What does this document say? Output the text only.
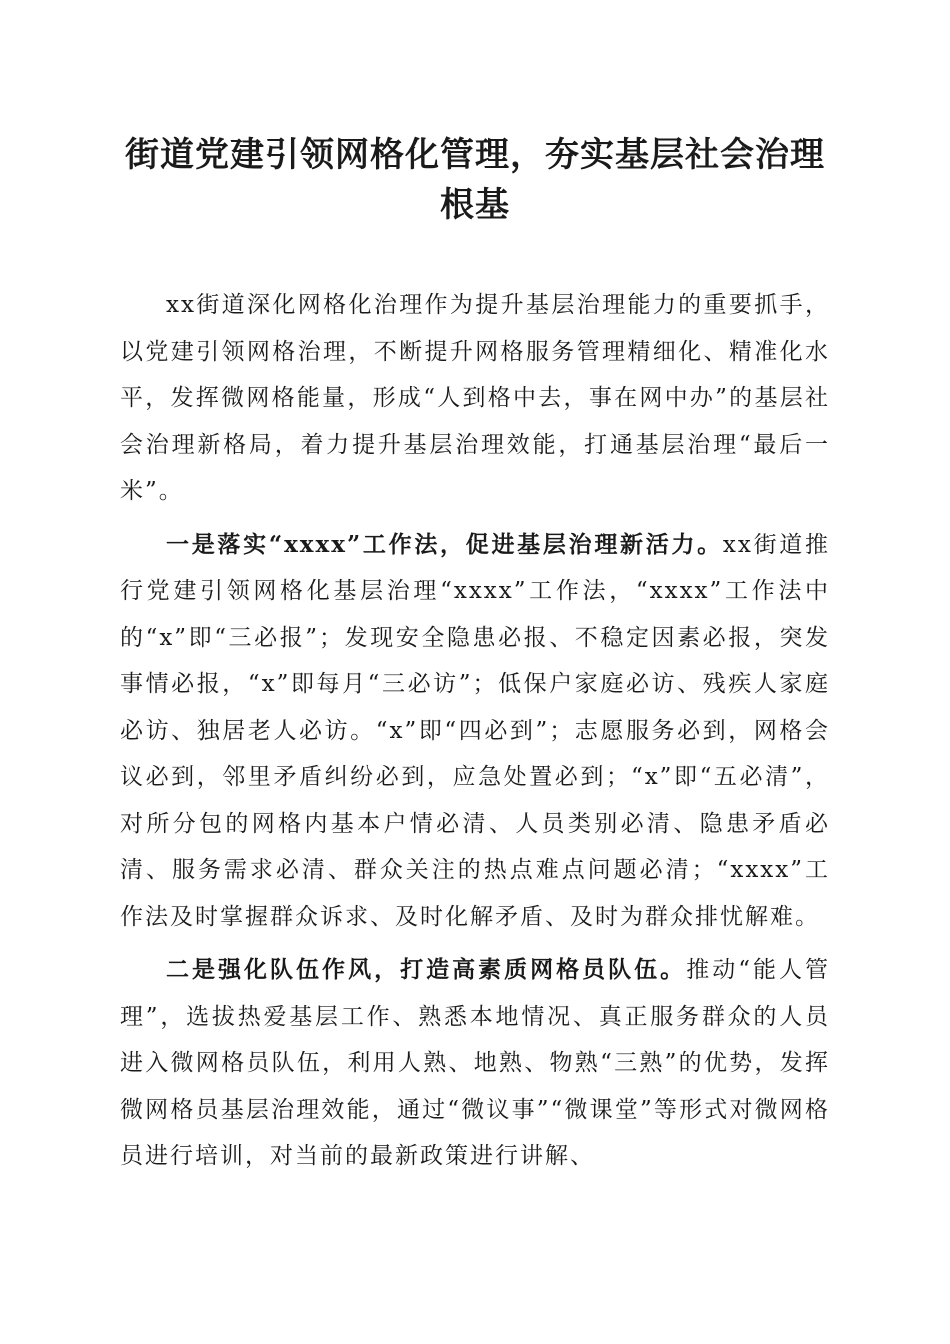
街道党建引领网格化管理，夯实基层社会治理根基

xx街道深化网格化治理作为提升基层治理能力的重要抓手，以党建引领网格治理，不断提升网格服务管理精细化、精准化水平，发挥微网格能量，形成“人到格中去，事在网中办”的基层社会治理新格局，着力提升基层治理效能，打通基层治理“最后一米”。

一是落实“xxxx”工作法，促进基层治理新活力。xx街道推行党建引领网格化基层治理“xxxx”工作法，“xxxx”工作法中的“x”即“三必报”；发现安全隐患必报、不稳定因素必报，突发事情必报，“x”即每月“三必访”；低保户家庭必访、残疾人家庭必访、独居老人必访。“x”即“四必到”；志愿服务必到，网格会议必到，邻里矛盾纠纷必到，应急处置必到；“x”即“五必清”，对所分包的网格内基本户情必清、人员类别必清、隐患矛盾必清、服务需求必清、群众关注的热点难点问题必清；“xxxx”工作法及时掌握群众诉求、及时化解矛盾、及时为群众排忧解难。

二是强化队伍作风，打造高素质网格员队伍。推动“能人管理”，选拔热爱基层工作、熟悉本地情况、真正服务群众的人员进入微网格员队伍，利用人熟、地熟、物熟“三熟”的优势，发挥微网格员基层治理效能，通过“微议事”“微课堂”等形式对微网格员进行培训，对当前的最新政策进行讲解、
